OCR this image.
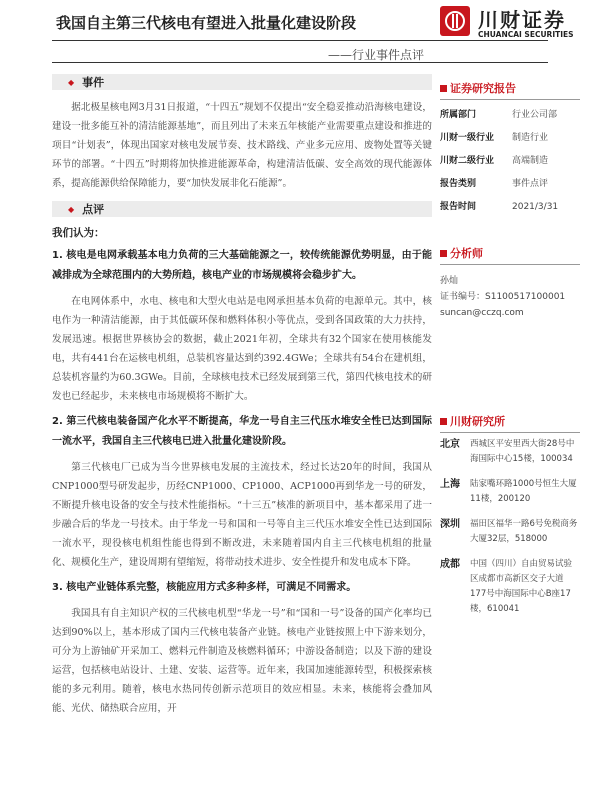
我国自主第三代核电有望进入批量化建设阶段
——行业事件点评
川财证券
CHUANCAI SECURITIES
◆ 事件

据北极星核电网3月31日报道，“十四五”规划不仅提出“安全稳妥推动沿海核电建设，建设一批多能互补的清洁能源基地”，而且列出了未来五年核能产业需要重点建设和推进的项目“计划表”，体现出国家对核电发展节奏、技术路线、产业多元应用、废物处置等关键环节的部署。“十四五”时期将加快推进能源革命，构建清洁低碳、安全高效的现代能源体系，提高能源供给保障能力，要“加快发展非化石能源”。

◆ 点评
我们认为：
1. 核电是电网承载基本电力负荷的三大基础能源之一，较传统能源优势明显，由于能减排成为全球范围内的大势所趋，核电产业的市场规模将会稳步扩大。

在电网体系中，水电、核电和大型火电站是电网承担基本负荷的电源单元。其中，核电作为一种清洁能源，由于其低碳环保和燃料体积小等优点，受到各国政策的大力扶持，发展迅速。根据世界核协会的数据，截止2021年初，全球共有32个国家在使用核能发电，共有441台在运核电机组，总装机容量达到约392.4GWe；全球共有54台在建机组，总装机容量约为60.3GWe。目前，全球核电技术已经发展到第三代，第四代核电技术的研发也已经起步，未来核电市场规模将不断扩大。

2. 第三代核电装备国产化水平不断提高，华龙一号自主三代压水堆安全性已达到国际一流水平，我国自主三代核电已进入批量化建设阶段。

第三代核电厂已成为当今世界核电发展的主流技术，经过长达20年的时间，我国从CNP1000型号研发起步，历经CNP1000、CP1000、ACP1000再到华龙一号的研发，不断提升核电设备的安全与技术性能指标。“十三五”核准的新项目中，基本都采用了进一步融合后的华龙一号技术。由于华龙一号和国和一号等自主三代压水堆安全性已达到国际一流水平，现役核电机组性能也得到不断改进，未来随着国内自主三代核电机组的批量化、规模化生产，建设周期有望缩短，将带动技术进步、安全性提升和发电成本下降。

3. 核电产业链体系完整，核能应用方式多种多样，可满足不同需求。

我国具有自主知识产权的三代核电机型“华龙一号”和“国和一号”设备的国产化率均已达到90%以上，基本形成了国内三代核电装备产业链。核电产业链按照上中下游来划分，可分为上游铀矿开采加工、燃料元件制造及核燃料循环；中游设备制造；以及下游的建设运营，包括核电站设计、土建、安装、运营等。近年来，我国加速能源转型，积极探索核能的多元利用。随着，核电水热同传创新示范项目的效应相显。未来，核能将会叠加风能、光伏、储热联合应用，开

证券研究报告
所属部门	行业公司部
川财一级行业	制造行业
川财二级行业	高端制造
报告类别	事件点评
报告时间	2021/3/31
分析师
孙灿
证书编号：S1100517100001
suncan@cczq.com
川财研究所
北京	西城区平安里西大街28号中海国际中心15楼，100034
上海	陆家嘴环路1000号恒生大厦11楼，200120
深圳	福田区福华一路6号免税商务大厦32层，518000
成都	中国（四川）自由贸易试验区成都市高新区交子大道177号中海国际中心B座17楼，610041
